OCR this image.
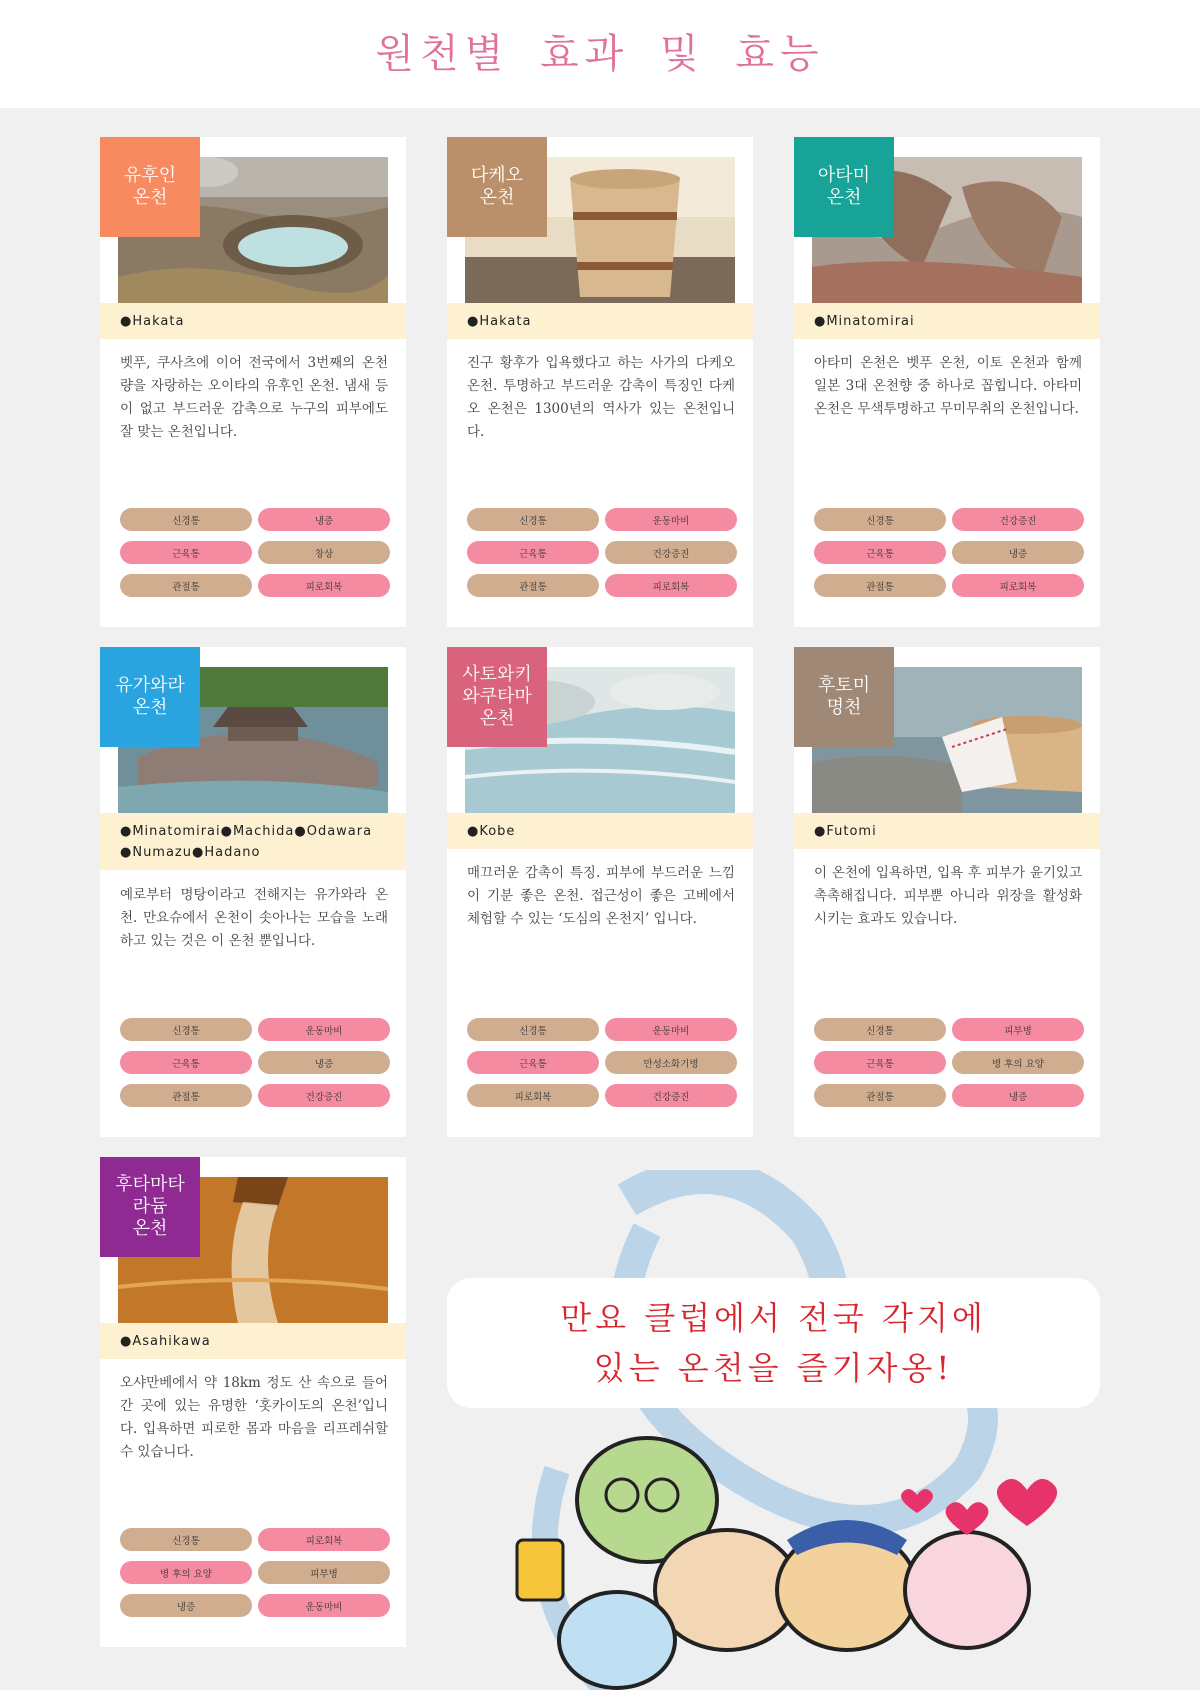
원천별 효과 및 효능
유후인
온천
●Hakata
벳푸, 쿠사츠에 이어 전국에서 3번째의 온천량을 자랑하는 오이타의 유후인 온천. 냄새 등이 없고 부드러운 감촉으로 누구의 피부에도 잘 맞는 온천입니다.
신경통	냉증
근육통	창상
관절통	피로회복
다케오
온천
●Hakata
진구 황후가 입욕했다고 하는 사가의 다케오 온천. 투명하고 부드러운 감촉이 특징인 다케오 온천은 1300년의 역사가 있는 온천입니다.
신경통	운동마비
근육통	건강증진
관절통	피로회복
아타미
온천
●Minatomirai
아타미 온천은 벳푸 온천, 이토 온천과 함께 일본 3대 온천향 중 하나로 꼽힙니다. 아타미 온천은 무색투명하고 무미무취의 온천입니다.
신경통	건강증진
근육통	냉증
관절통	피로회복
유가와라
온천
●Minatomirai●Machida●Odawara ●Numazu●Hadano
예로부터 명탕이라고 전해지는 유가와라 온천. 만요슈에서 온천이 솟아나는 모습을 노래하고 있는 것은 이 온천 뿐입니다.
신경통	운동마비
근육통	냉증
관절통	건강증진
사토와키
와쿠타마
온천
●Kobe
매끄러운 감촉이 특징. 피부에 부드러운 느낌이 기분 좋은 온천. 접근성이 좋은 고베에서 체험할 수 있는 ‘도심의 온천지’ 입니다.
신경통	운동마비
근육통	만성소화기병
피로회복	건강증진
후토미
명천
●Futomi
이 온천에 입욕하면, 입욕 후 피부가 윤기있고 촉촉해집니다. 피부뿐 아니라 위장을 활성화시키는 효과도 있습니다.
신경통	피부병
근육통	병 후의 요양
관절통	냉증
후타마타
라듐
온천
●Asahikawa
오샤만베에서 약 18km 정도 산 속으로 들어간 곳에 있는 유명한 ‘홋카이도의 온천’입니다. 입욕하면 피로한 몸과 마음을 리프레쉬할 수 있습니다.
신경통	피로회복
병 후의 요양	피부병
냉증	운동마비
만요 클럽에서 전국 각지에
있는 온천을 즐기자옹!
